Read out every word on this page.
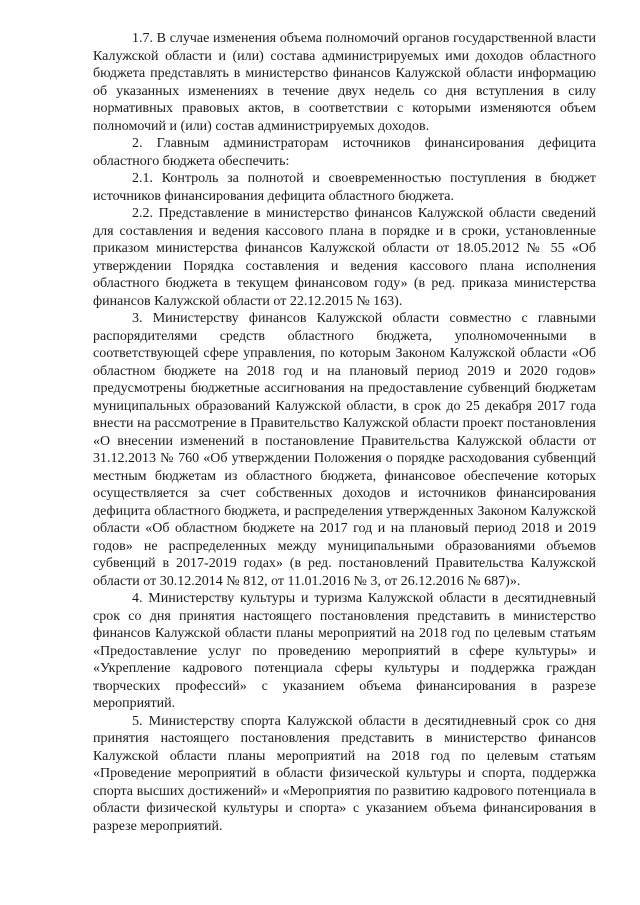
1.7. В случае изменения объема полномочий органов государственной власти Калужской области и (или) состава администрируемых ими доходов областного бюджета представлять в министерство финансов Калужской области информацию об указанных изменениях в течение двух недель со дня вступления в силу нормативных правовых актов, в соответствии с которыми изменяются объем полномочий и (или) состав администрируемых доходов.

2. Главным администраторам источников финансирования дефицита областного бюджета обеспечить:

2.1. Контроль за полнотой и своевременностью поступления в бюджет источников финансирования дефицита областного бюджета.

2.2. Представление в министерство финансов Калужской области сведений для составления и ведения кассового плана в порядке и в сроки, установленные приказом министерства финансов Калужской области от 18.05.2012 № 55 «Об утверждении Порядка составления и ведения кассового плана исполнения областного бюджета в текущем финансовом году» (в ред. приказа министерства финансов Калужской области от 22.12.2015 № 163).

3. Министерству финансов Калужской области совместно с главными распорядителями средств областного бюджета, уполномоченными в соответствующей сфере управления, по которым Законом Калужской области «Об областном бюджете на 2018 год и на плановый период 2019 и 2020 годов» предусмотрены бюджетные ассигнования на предоставление субвенций бюджетам муниципальных образований Калужской области, в срок до 25 декабря 2017 года внести на рассмотрение в Правительство Калужской области проект постановления «О внесении изменений в постановление Правительства Калужской области от 31.12.2013 № 760 «Об утверждении Положения о порядке расходования субвенций местным бюджетам из областного бюджета, финансовое обеспечение которых осуществляется за счет собственных доходов и источников финансирования дефицита областного бюджета, и распределения утвержденных Законом Калужской области «Об областном бюджете на 2017 год и на плановый период 2018 и 2019 годов» не распределенных между муниципальными образованиями объемов субвенций в 2017-2019 годах» (в ред. постановлений Правительства Калужской области от 30.12.2014 № 812, от 11.01.2016 № 3, от 26.12.2016 № 687)».

4. Министерству культуры и туризма Калужской области в десятидневный срок со дня принятия настоящего постановления представить в министерство финансов Калужской области планы мероприятий на 2018 год по целевым статьям «Предоставление услуг по проведению мероприятий в сфере культуры» и «Укрепление кадрового потенциала сферы культуры и поддержка граждан творческих профессий» с указанием объема финансирования в разрезе мероприятий.

5. Министерству спорта Калужской области в десятидневный срок со дня принятия настоящего постановления представить в министерство финансов Калужской области планы мероприятий на 2018 год по целевым статьям «Проведение мероприятий в области физической культуры и спорта, поддержка спорта высших достижений» и «Мероприятия по развитию кадрового потенциала в области физической культуры и спорта» с указанием объема финансирования в разрезе мероприятий.
